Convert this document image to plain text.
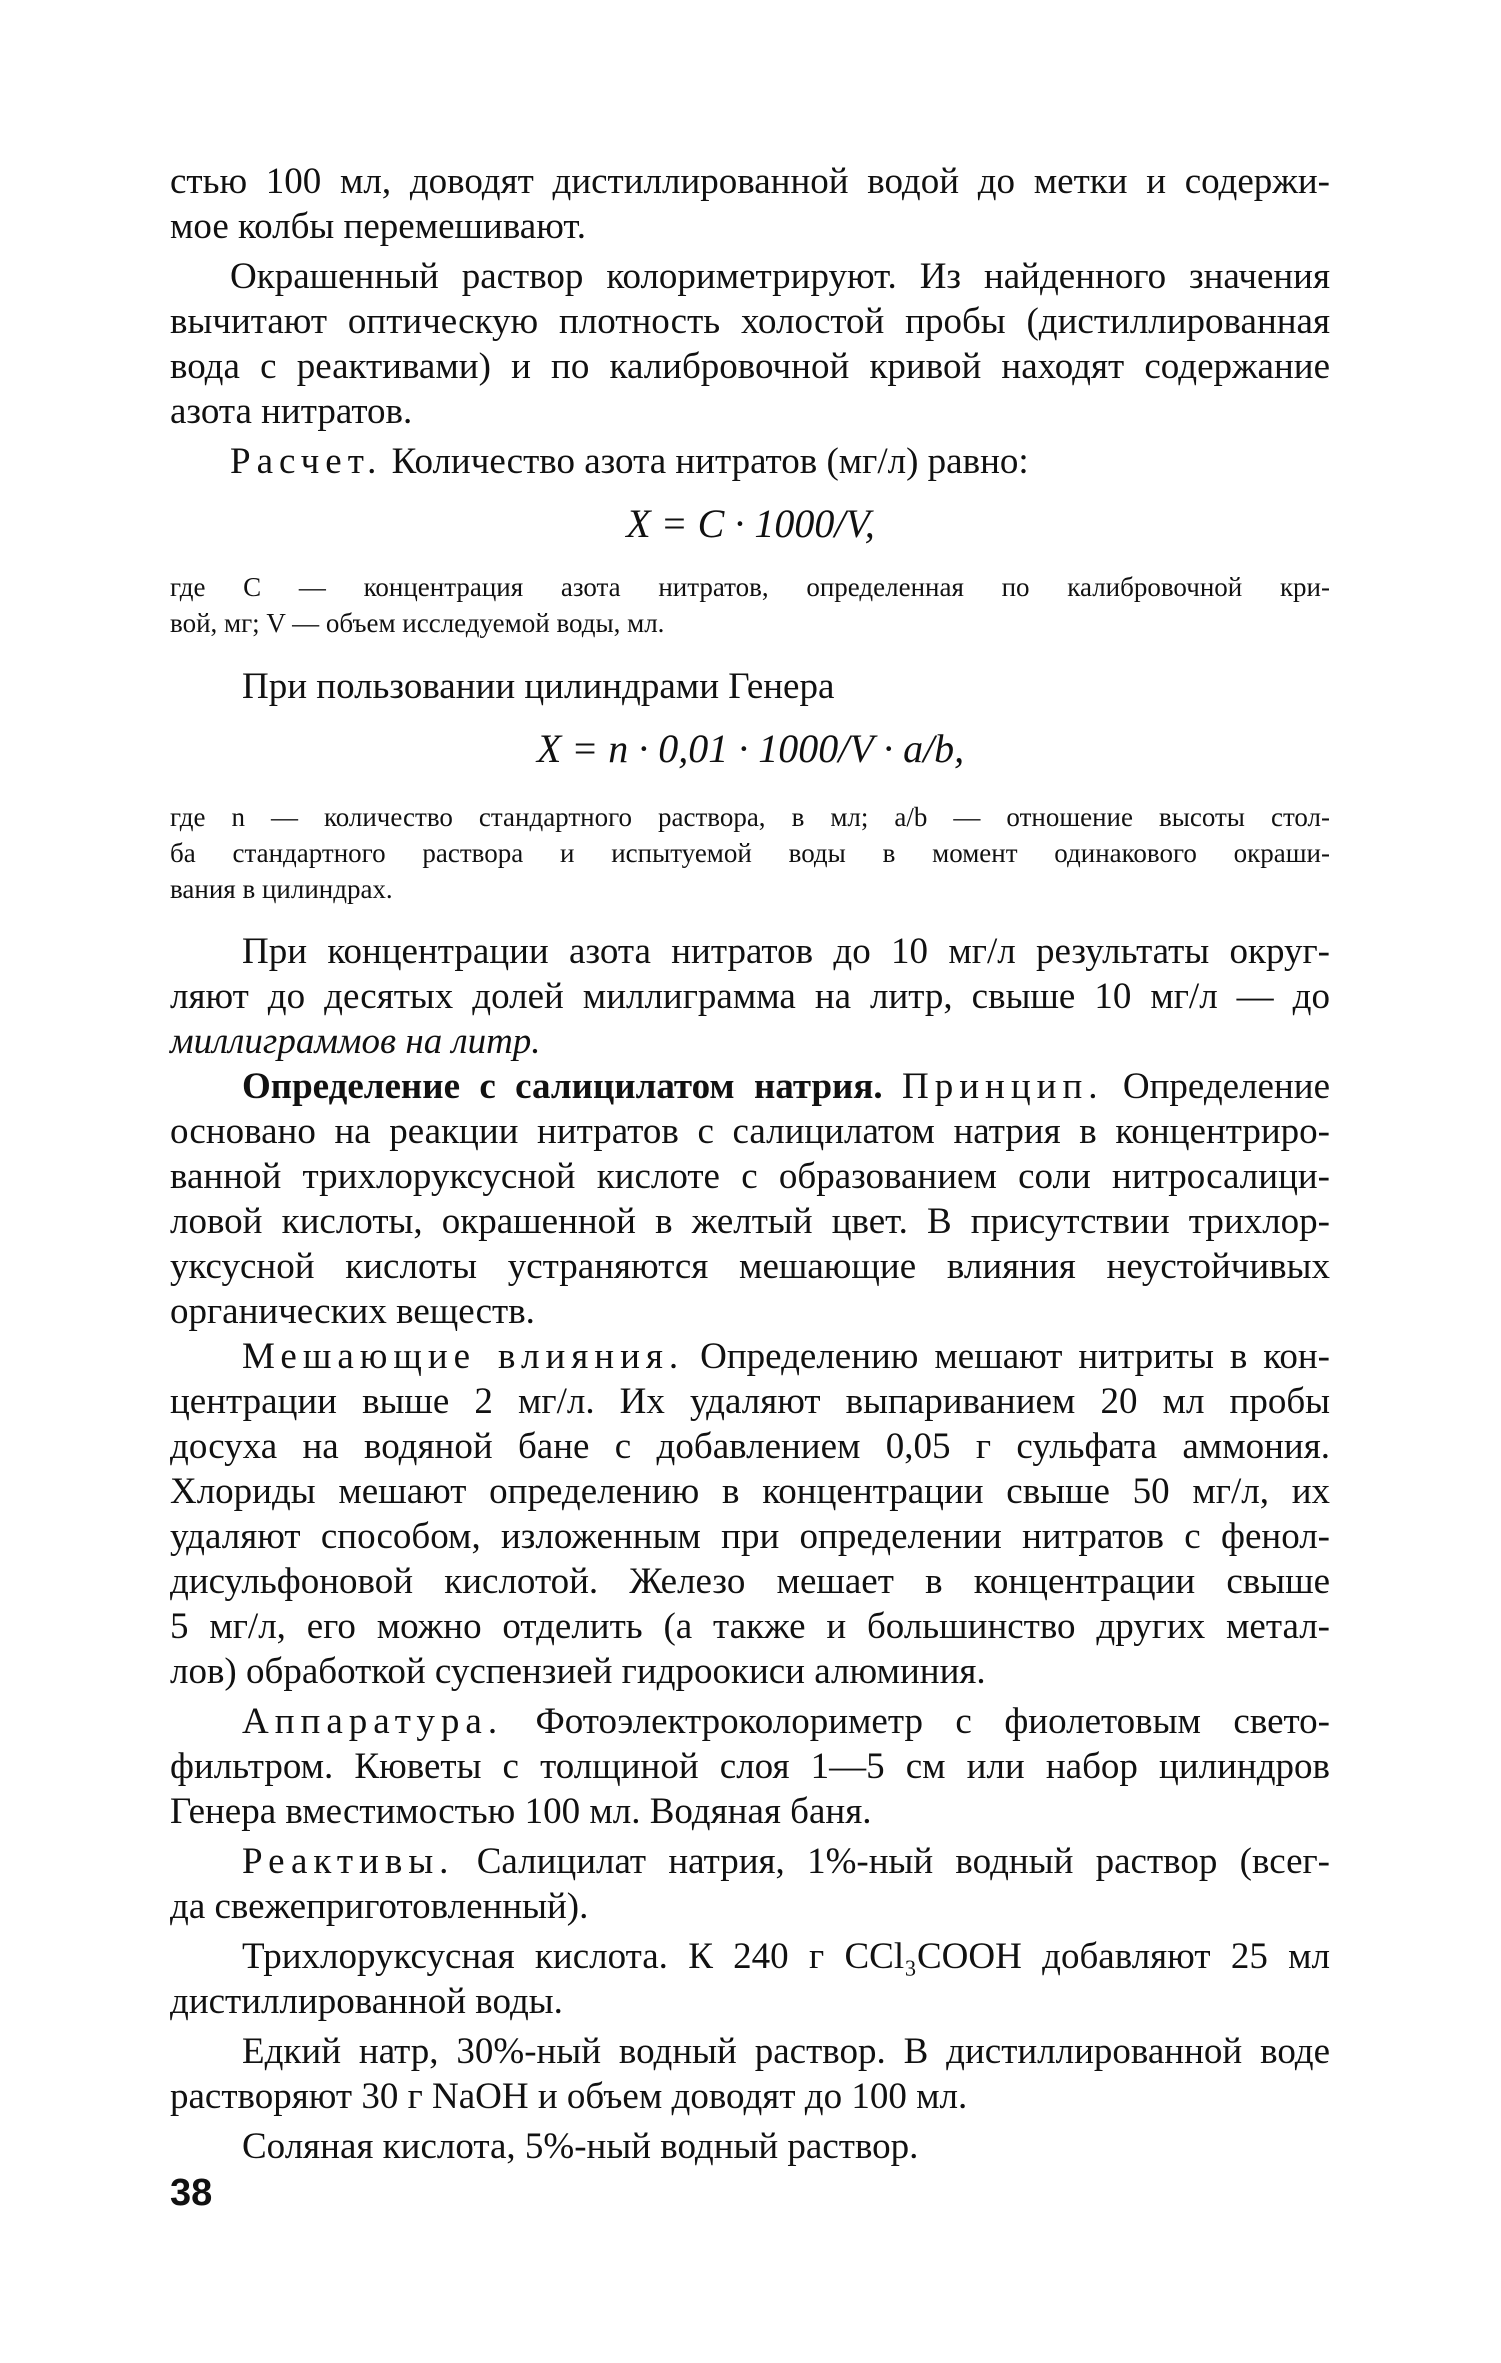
стью 100 мл, доводят дистиллированной водой до метки и содержи-
мое колбы перемешивают.
Окрашенный раствор колориметрируют. Из найденного значения
вычитают оптическую плотность холостой пробы (дистиллированная
вода с реактивами) и по калибровочной кривой находят содержание
азота нитратов.
Расчет. Количество азота нитратов (мг/л) равно:
X = C · 1000/V,
где C — концентрация азота нитратов, определенная по калибровочной кри-
вой, мг; V — объем исследуемой воды, мл.
При пользовании цилиндрами Генера
X = n · 0,01 · 1000/V · a/b,
где n — количество стандартного раствора, в мл; a/b — отношение высоты стол-
ба стандартного раствора и испытуемой воды в момент одинакового окраши-
вания в цилиндрах.
При концентрации азота нитратов до 10 мг/л результаты округ-
ляют до десятых долей миллиграмма на литр, свыше 10 мг/л — до
миллиграммов на литр.
Определение с салицилатом натрия. Принцип. Определение
основано на реакции нитратов с салицилатом натрия в концентриро-
ванной трихлоруксусной кислоте с образованием соли нитросалици-
ловой кислоты, окрашенной в желтый цвет. В присутствии трихлор-
уксусной кислоты устраняются мешающие влияния неустойчивых
органических веществ.
Мешающие влияния. Определению мешают нитриты в кон-
центрации выше 2 мг/л. Их удаляют выпариванием 20 мл пробы
досуха на водяной бане с добавлением 0,05 г сульфата аммония.
Хлориды мешают определению в концентрации свыше 50 мг/л, их
удаляют способом, изложенным при определении нитратов с фенол-
дисульфоновой кислотой. Железо мешает в концентрации свыше
5 мг/л, его можно отделить (а также и большинство других метал-
лов) обработкой суспензией гидроокиси алюминия.
Аппаратура. Фотоэлектроколориметр с фиолетовым свето-
фильтром. Кюветы с толщиной слоя 1—5 см или набор цилиндров
Генера вместимостью 100 мл. Водяная баня.
Реактивы. Салицилат натрия, 1%-ный водный раствор (всег-
да свежеприготовленный).
Трихлоруксусная кислота. К 240 г CCl₃COOH добавляют 25 мл
дистиллированной воды.
Едкий натр, 30%-ный водный раствор. В дистиллированной воде
растворяют 30 г NaOH и объем доводят до 100 мл.
Соляная кислота, 5%-ный водный раствор.
38
